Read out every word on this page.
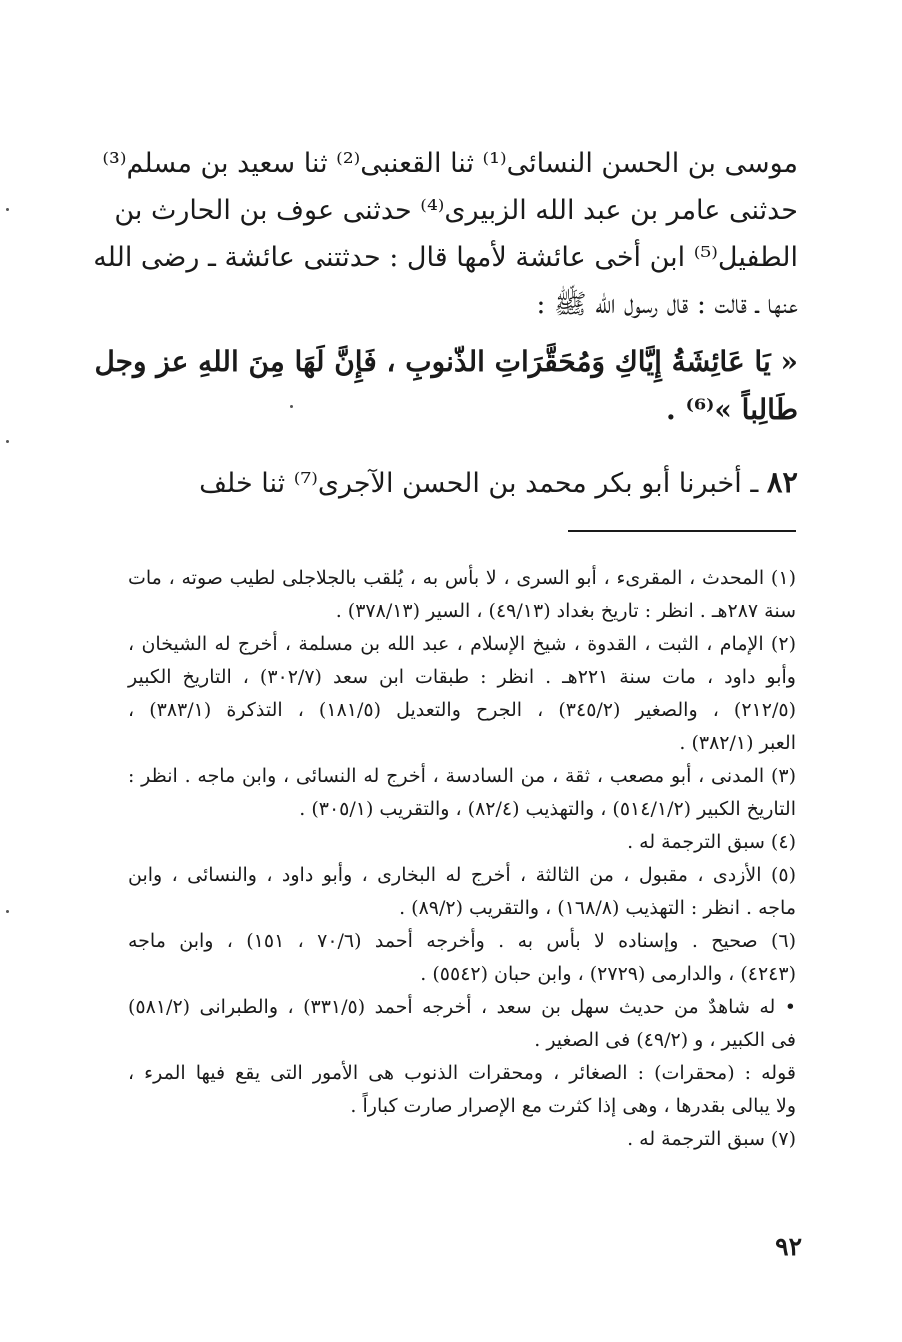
موسى بن الحسن النسائى⁽¹⁾ ثنا القعنبى⁽²⁾ ثنا سعيد بن مسلم⁽³⁾
حدثنى عامر بن عبد الله الزبيرى⁽⁴⁾ حدثنى عوف بن الحارث بن
الطفيل⁽⁵⁾ ابن أخى عائشة لأمها قال : حدثتنى عائشة ـ رضى الله
عنها ـ قالت : قال رسول الله ﷺ :
« يَا عَائِشَةُ إِيَّاكِ وَمُحَقَّرَاتِ الذّنوبِ ، فَإِنَّ لَهَا مِنَ اللهِ عز وجل
طَالِباً »⁽⁶⁾ .
٨٢ ـ أخبرنا أبو بكر محمد بن الحسن الآجرى⁽⁷⁾ ثنا خلف
(١) المحدث ، المقرىء ، أبو السرى ، لا بأس به ، يُلقب بالجلاجلى لطيب صوته ، مات
سنة ٢٨٧هـ . انظر : تاريخ بغداد (٤٩/١٣) ، السير (٣٧٨/١٣) .
(٢) الإمام ، الثبت ، القدوة ، شيخ الإسلام ، عبد الله بن مسلمة ، أخرج له الشيخان ،
وأبو داود ، مات سنة ٢٢١هـ . انظر : طبقات ابن سعد (٣٠٢/٧) ، التاريخ الكبير
(٢١٢/٥) ، والصغير (٣٤٥/٢) ، الجرح والتعديل (١٨١/٥) ، التذكرة (٣٨٣/١) ،
العبر (٣٨٢/١) .
(٣) المدنى ، أبو مصعب ، ثقة ، من السادسة ، أخرج له النسائى ، وابن ماجه . انظر :
التاريخ الكبير (٥١٤/١/٢) ، والتهذيب (٨٢/٤) ، والتقريب (٣٠٥/١) .
(٤) سبق الترجمة له .
(٥) الأزدى ، مقبول ، من الثالثة ، أخرج له البخارى ، وأبو داود ، والنسائى ، وابن
ماجه . انظر : التهذيب (١٦٨/٨) ، والتقريب (٨٩/٢) .
(٦) صحيح . وإسناده لا بأس به . وأخرجه أحمد (٧٠/٦ ، ١٥١) ، وابن ماجه
(٤٢٤٣) ، والدارمى (٢٧٢٩) ، وابن حبان (٥٥٤٢) .
• له شاهدٌ من حديث سهل بن سعد ، أخرجه أحمد (٣٣١/٥) ، والطبرانى (٥٨١/٢)
فى الكبير ، و (٤٩/٢) فى الصغير .
قوله : (محقرات) : الصغائر ، ومحقرات الذنوب هى الأمور التى يقع فيها المرء ،
ولا يبالى بقدرها ، وهى إذا كثرت مع الإصرار صارت كباراً .
(٧) سبق الترجمة له .
٩٢
